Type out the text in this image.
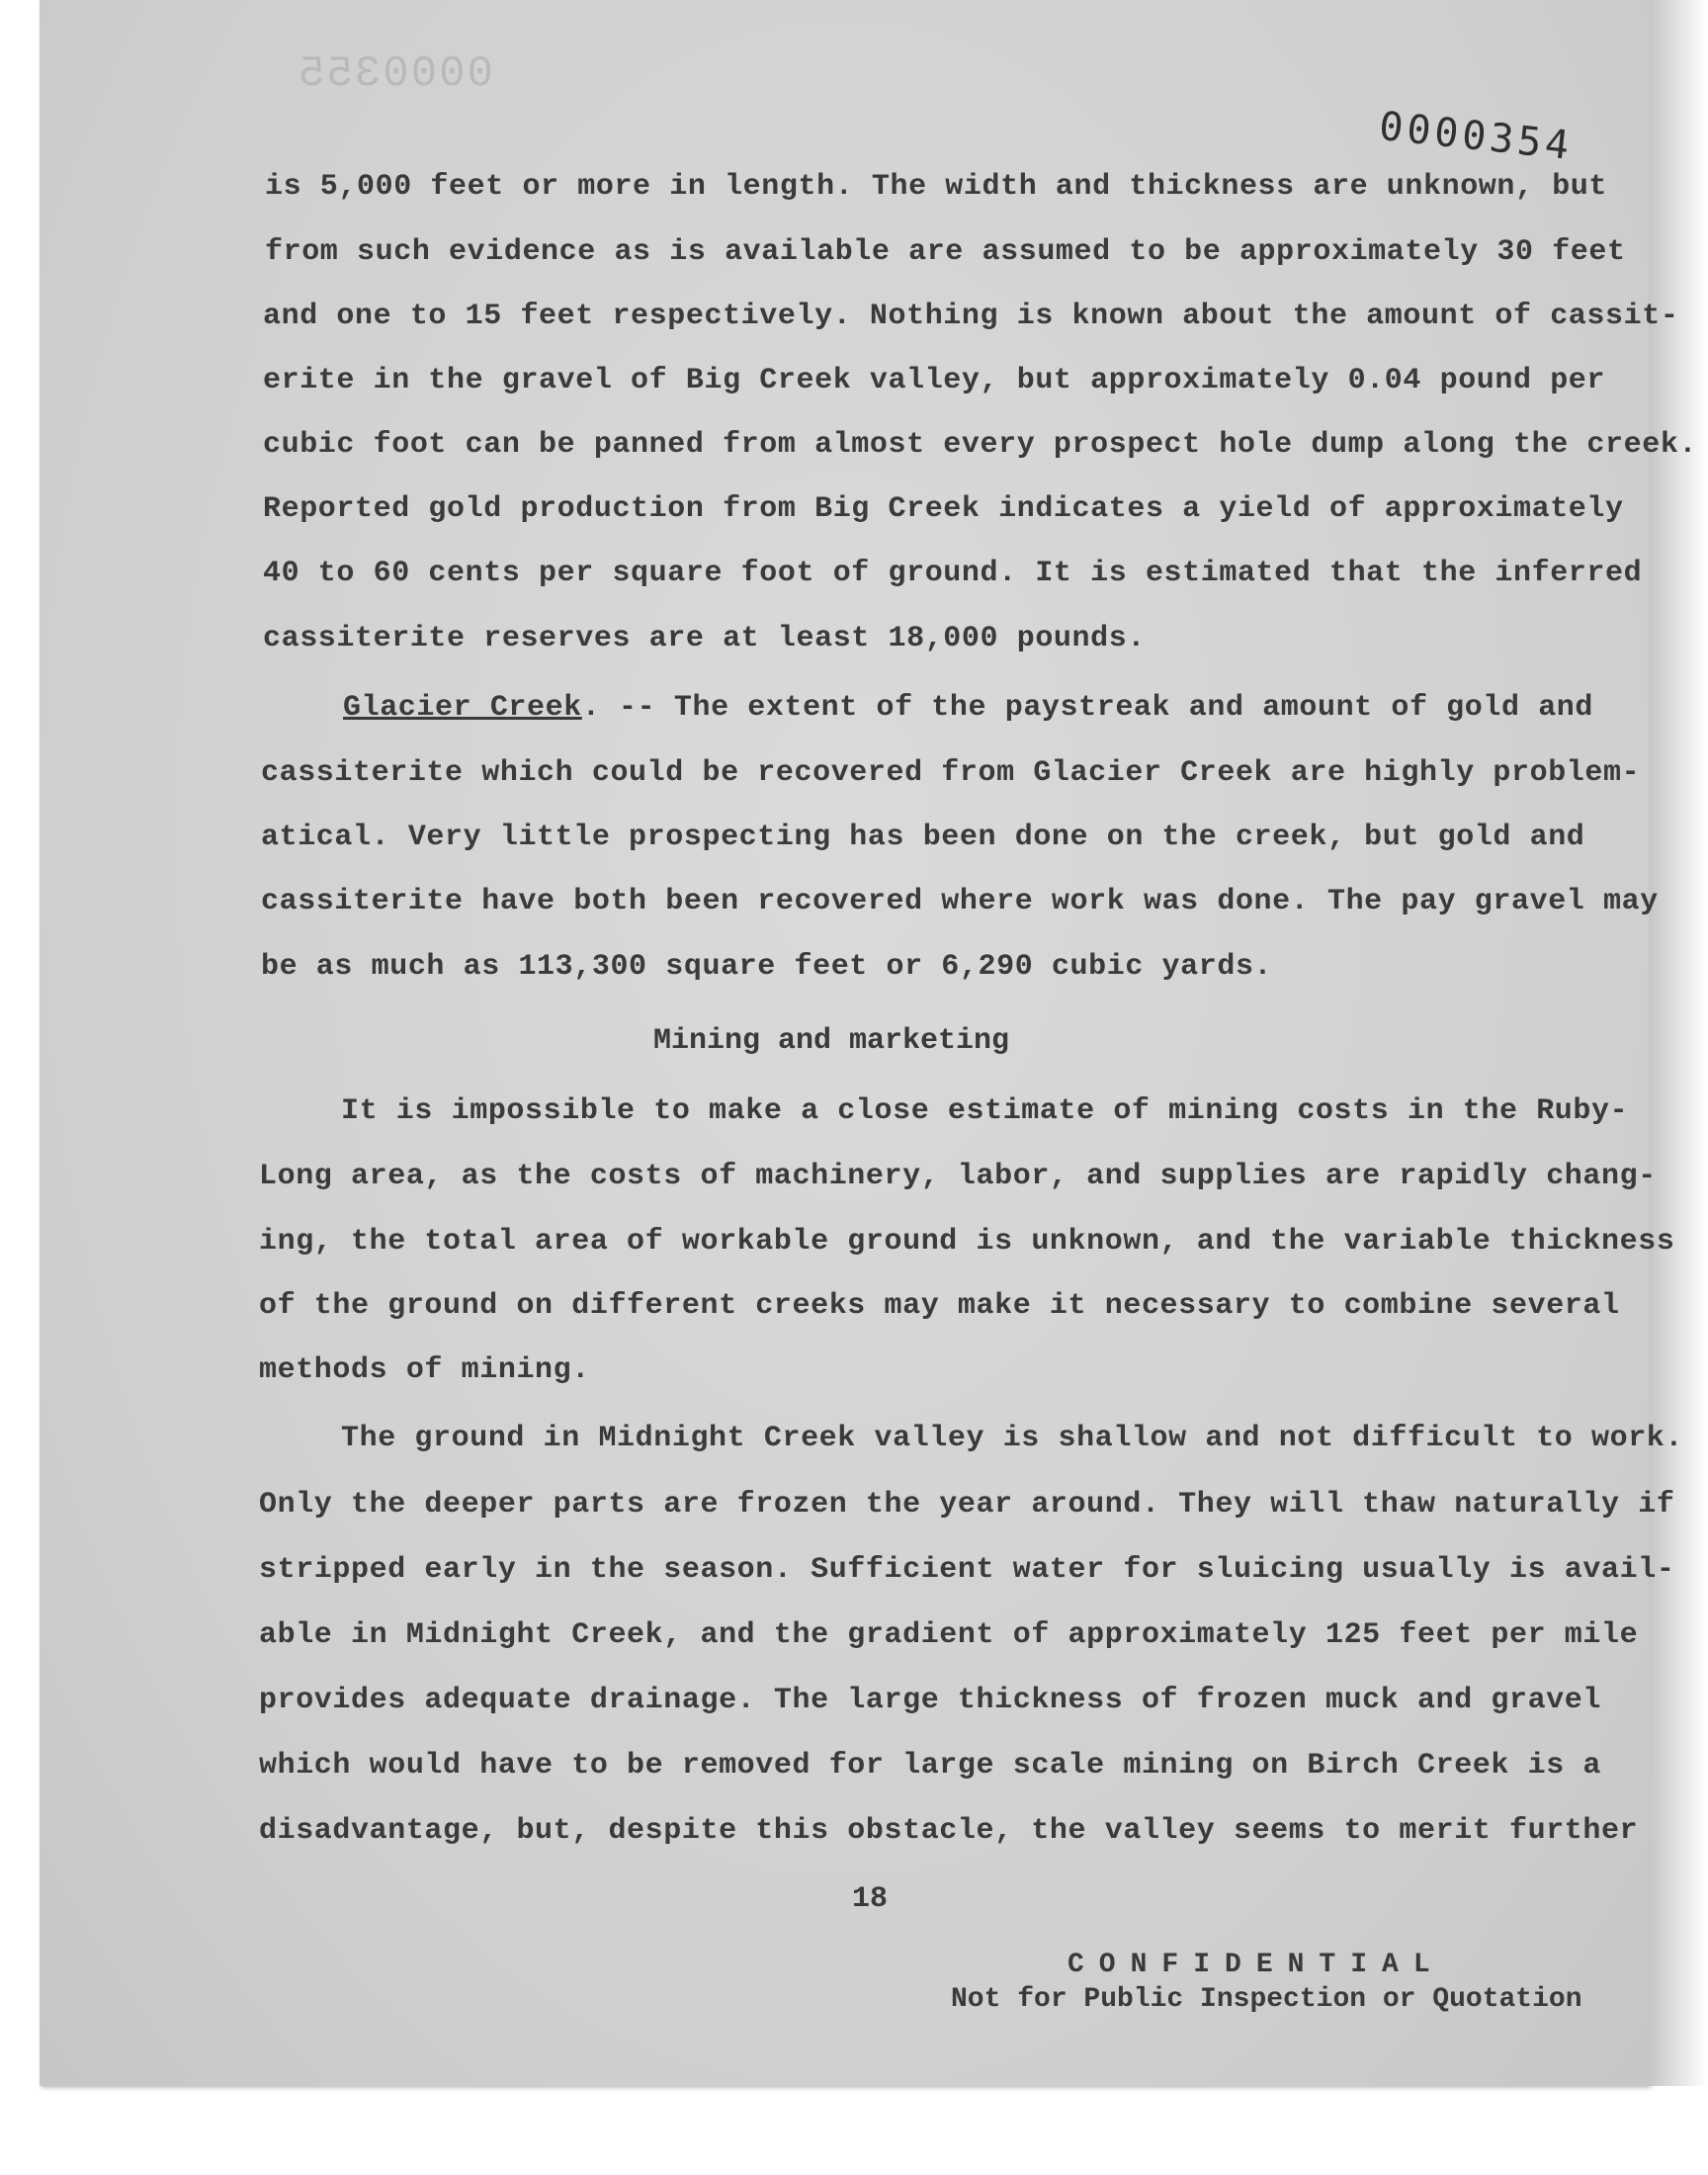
0000355
0000354

is 5,000 feet or more in length. The width and thickness are unknown, but

from such evidence as is available are assumed to be approximately 30 feet

and one to 15 feet respectively. Nothing is known about the amount of cassit-

erite in the gravel of Big Creek valley, but approximately 0.04 pound per

cubic foot can be panned from almost every prospect hole dump along the creek.

Reported gold production from Big Creek indicates a yield of approximately

40 to 60 cents per square foot of ground. It is estimated that the inferred

cassiterite reserves are at least 18,000 pounds.

Glacier Creek. -- The extent of the paystreak and amount of gold and

cassiterite which could be recovered from Glacier Creek are highly problem-

atical. Very little prospecting has been done on the creek, but gold and

cassiterite have both been recovered where work was done. The pay gravel may

be as much as 113,300 square feet or 6,290 cubic yards.

Mining and marketing

It is impossible to make a close estimate of mining costs in the Ruby-

Long area, as the costs of machinery, labor, and supplies are rapidly chang-

ing, the total area of workable ground is unknown, and the variable thickness

of the ground on different creeks may make it necessary to combine several

methods of mining.

The ground in Midnight Creek valley is shallow and not difficult to work.

Only the deeper parts are frozen the year around. They will thaw naturally if

stripped early in the season. Sufficient water for sluicing usually is avail-

able in Midnight Creek, and the gradient of approximately 125 feet per mile

provides adequate drainage. The large thickness of frozen muck and gravel

which would have to be removed for large scale mining on Birch Creek is a

disadvantage, but, despite this obstacle, the valley seems to merit further

18

CONFIDENTIAL

Not for Public Inspection or Quotation
